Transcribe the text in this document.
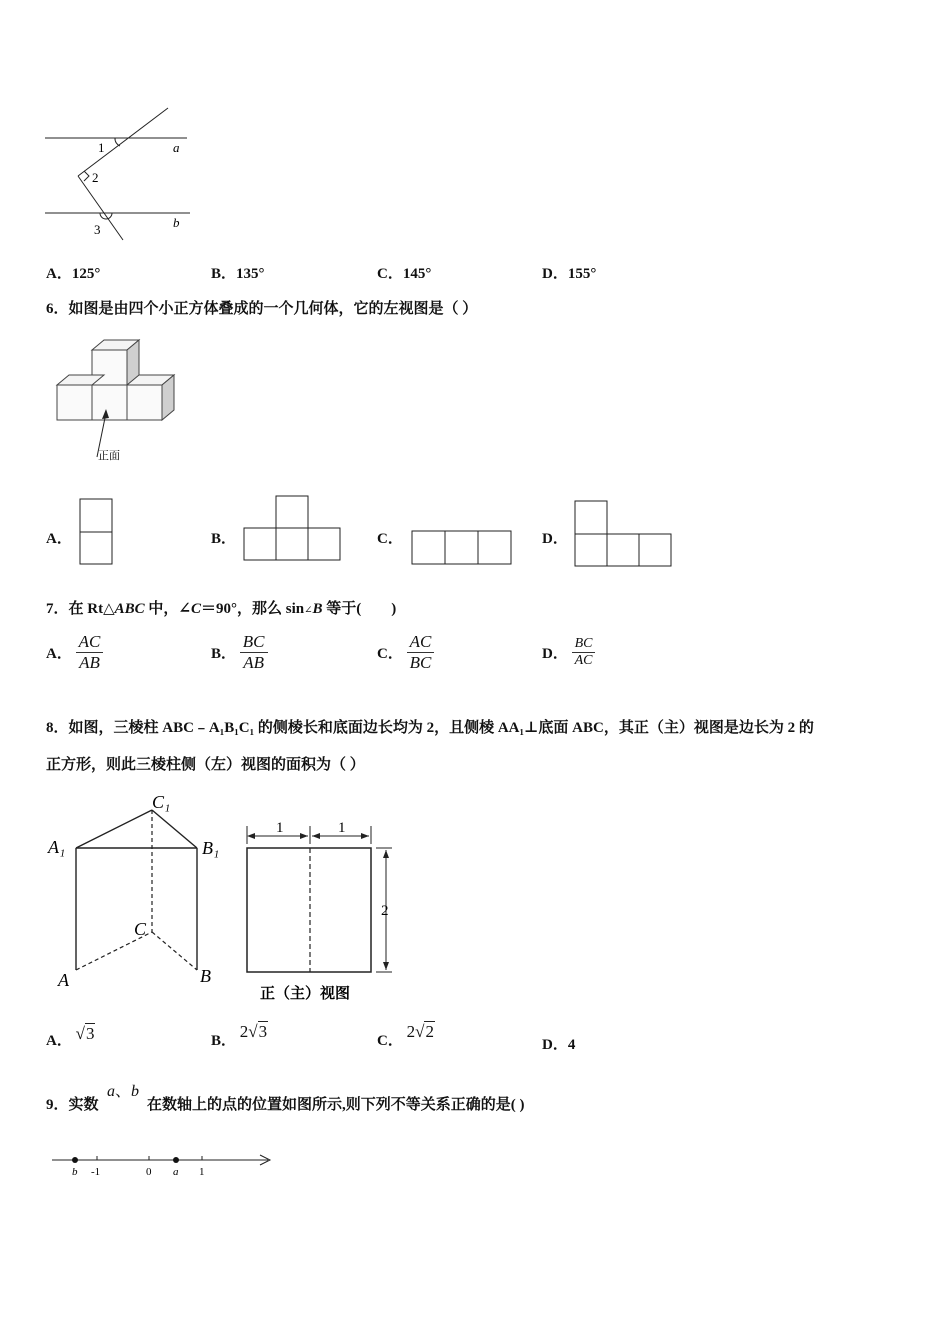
1
2
3
a
b
A．125°	B．135°	C．145°	D．155°
6．如图是由四个小正方体叠成的一个几何体，它的左视图是（ ）
正面
A．	B．	C．	D．
7．在 Rt△ABC 中，∠C＝90°，那么 sin∠B 等于(　　)
A． $\frac{AC}{AB}$	B． $\frac{BC}{AB}$	C． $\frac{AC}{BC}$	D． $\frac{BC}{AC}$
8．如图，三棱柱 ABC﹣A₁B₁C₁ 的侧棱长和底面边长均为 2，且侧棱 AA₁⊥底面 ABC，其正（主）视图是边长为 2 的
正方形，则此三棱柱侧（左）视图的面积为（ ）
C₁
A₁	B₁
C
A	B
1	1
2
正（主）视图
A． √3	B． 2√3	C． 2√2
D．4
9．实数
a、b
在数轴上的点的位置如图所示,则下列不等关系正确的是( )
b -1	0 a 1
